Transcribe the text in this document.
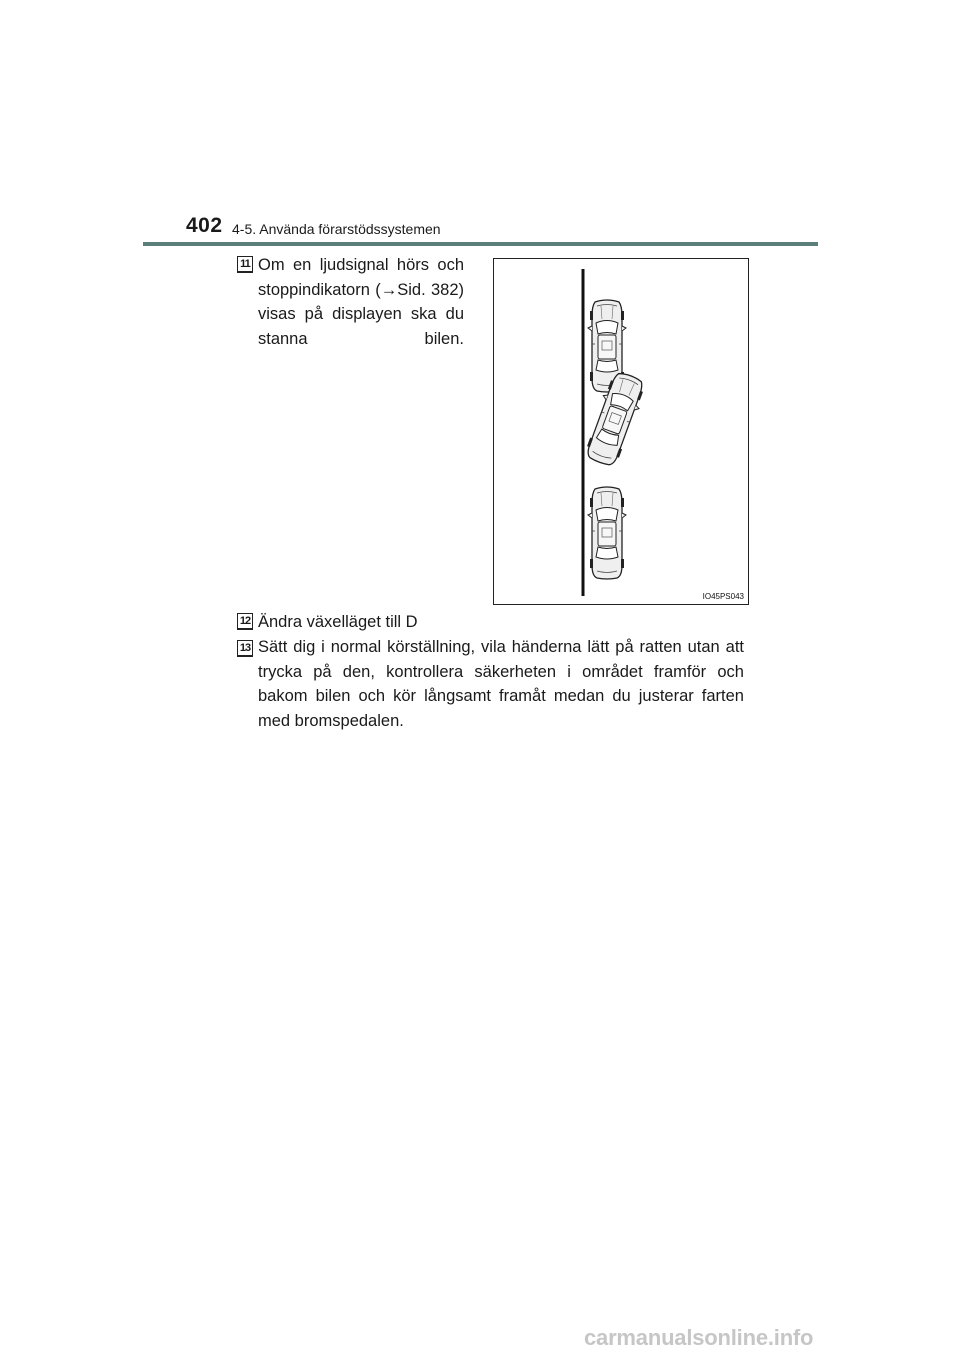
402 4-5. Använda förarstödssystemen
11 Om en ljudsignal hörs och stoppindikatorn (→Sid. 382) visas på displayen ska du stanna bilen.
IO45PS043
12 Ändra växelläget till D
13 Sätt dig i normal körställning, vila händerna lätt på ratten utan att trycka på den, kontrollera säkerheten i området framför och bakom bilen och kör långsamt framåt medan du justerar farten med bromspedalen.
carmanualsonline.info
